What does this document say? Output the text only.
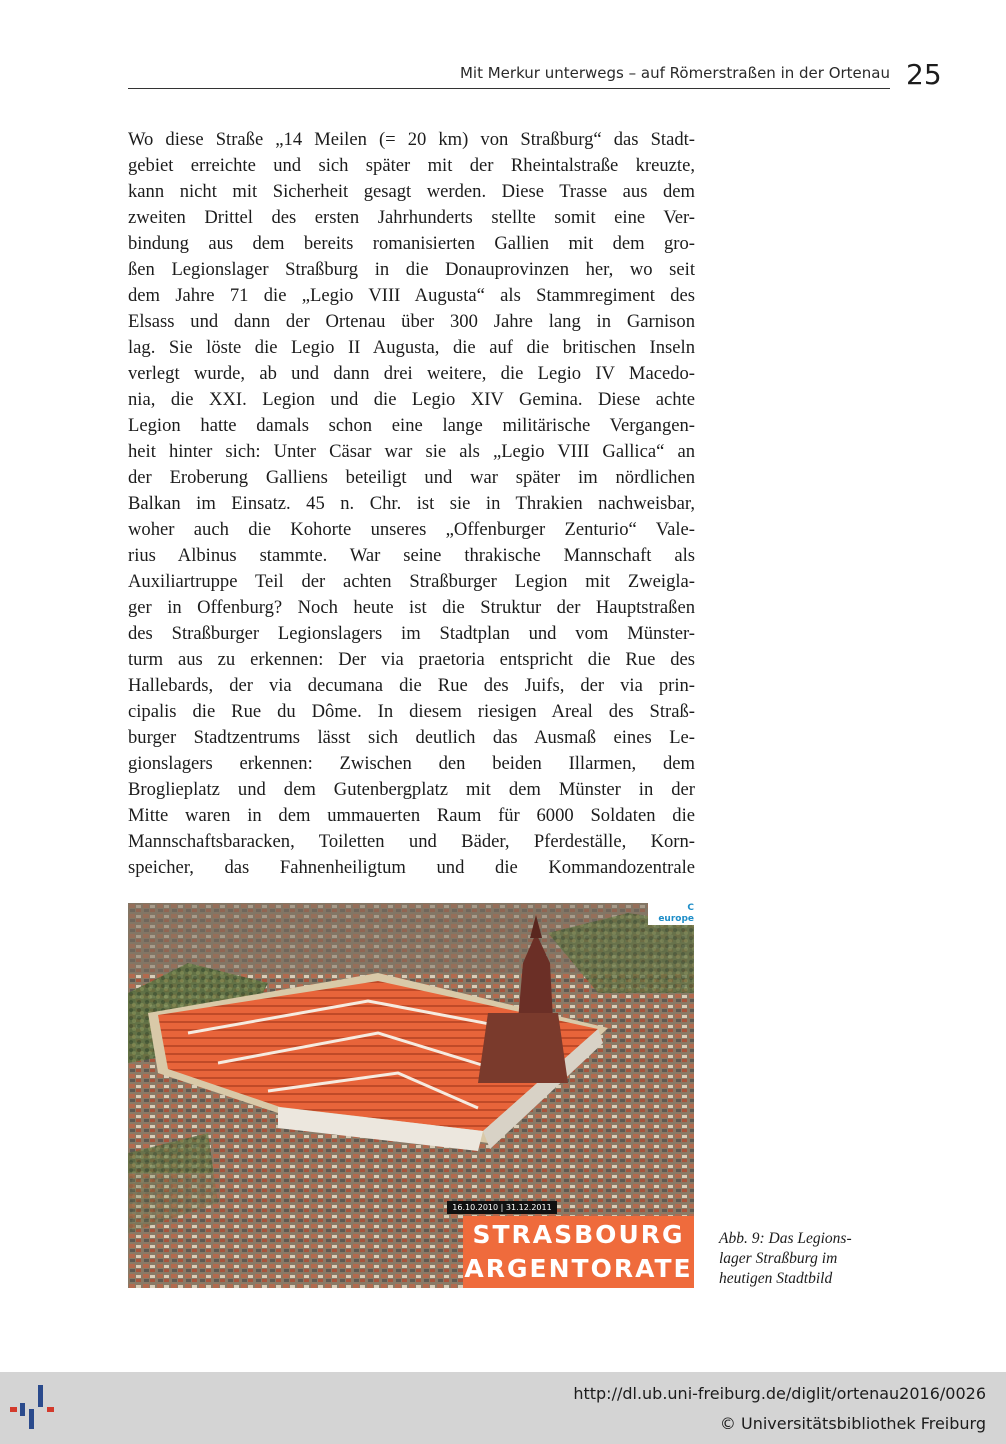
Mit Merkur unterwegs – auf Römerstraßen in der Ortenau 25

Wo diese Straße „14 Meilen (= 20 km) von Straßburg“ das Stadt-

gebiet erreichte und sich später mit der Rheintalstraße kreuzte,

kann nicht mit Sicherheit gesagt werden. Diese Trasse aus dem

zweiten Drittel des ersten Jahrhunderts stellte somit eine Ver-

bindung aus dem bereits romanisierten Gallien mit dem gro-

ßen Legionslager Straßburg in die Donauprovinzen her, wo seit

dem Jahre 71 die „Legio VIII Augusta“ als Stammregiment des

Elsass und dann der Ortenau über 300 Jahre lang in Garnison

lag. Sie löste die Legio II Augusta, die auf die britischen Inseln

verlegt wurde, ab und dann drei weitere, die Legio IV Macedo-

nia, die XXI. Legion und die Legio XIV Gemina. Diese achte

Legion hatte damals schon eine lange militärische Vergangen-

heit hinter sich: Unter Cäsar war sie als „Legio VIII Gallica“ an

der Eroberung Galliens beteiligt und war später im nördlichen

Balkan im Einsatz. 45 n. Chr. ist sie in Thrakien nachweisbar,

woher auch die Kohorte unseres „Offenburger Zenturio“ Vale-

rius Albinus stammte. War seine thrakische Mannschaft als

Auxiliartruppe Teil der achten Straßburger Legion mit Zweigla-

ger in Offenburg? Noch heute ist die Struktur der Hauptstraßen

des Straßburger Legionslagers im Stadtplan und vom Münster-

turm aus zu erkennen: Der via praetoria entspricht die Rue des

Hallebards, der via decumana die Rue des Juifs, der via prin-

cipalis die Rue du Dôme. In diesem riesigen Areal des Straß-

burger Stadtzentrums lässt sich deutlich das Ausmaß eines Le-

gionslagers erkennen: Zwischen den beiden Illarmen, dem

Broglieplatz und dem Gutenbergplatz mit dem Münster in der

Mitte waren in dem ummauerten Raum für 6000 Soldaten die

Mannschaftsbaracken, Toiletten und Bäder, Pferdeställe, Korn-

speicher, das Fahnenheiligtum und die Kommandozentrale

C
europe
16.10.2010 | 31.12.2011
STRASBOURG
ARGENTORATE
Abb. 9: Das Legions-
lager Straßburg im
heutigen Stadtbild
http://dl.ub.uni-freiburg.de/diglit/ortenau2016/0026
© Universitätsbibliothek Freiburg
